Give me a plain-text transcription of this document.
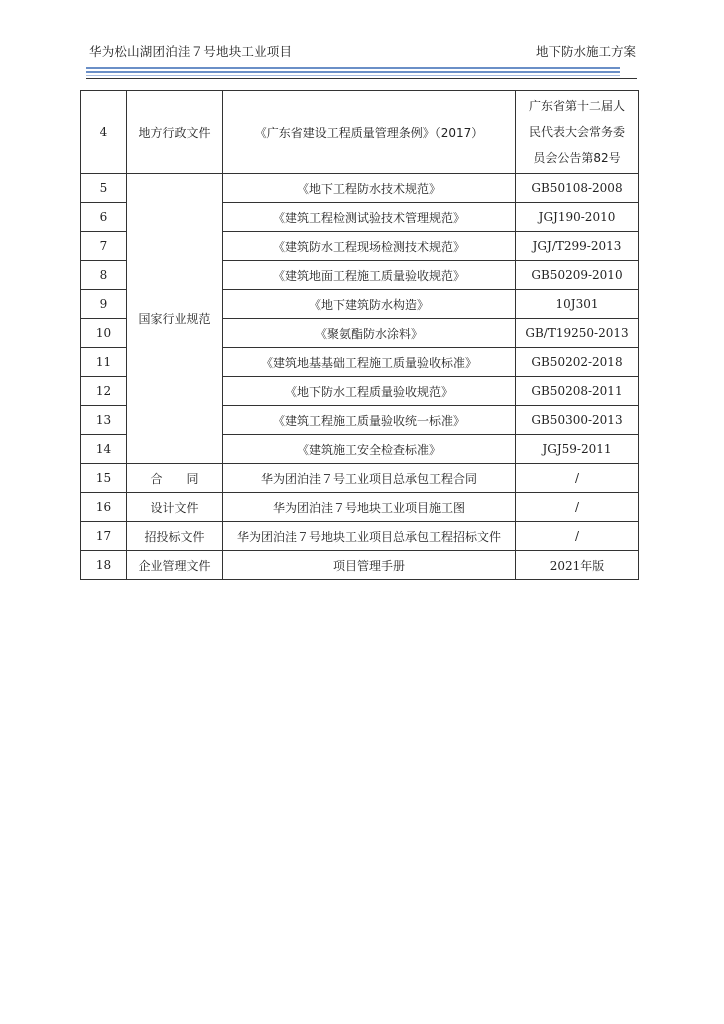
华为松山湖团泊洼７号地块工业项目	地下防水施工方案
4	地方行政文件	《广东省建设工程质量管理条例》（2017）	广东省第十二届人
民代表大会常务委
员会公告第82号

5	国家行业规范	《地下工程防水技术规范》	GB50108-2008
6		《建筑工程检测试验技术管理规范》	JGJ190-2010
7		《建筑防水工程现场检测技术规范》	JGJ/T299-2013
8		《建筑地面工程施工质量验收规范》	GB50209-2010
9		《地下建筑防水构造》	10J301
10		《聚氨酯防水涂料》	GB/T19250-2013
11		《建筑地基基础工程施工质量验收标准》	GB50202-2018
12		《地下防水工程质量验收规范》	GB50208-2011
13		《建筑工程施工质量验收统一标准》	GB50300-2013
14		《建筑施工安全检查标准》	JGJ59-2011
15	合　　同	华为团泊洼７号工业项目总承包工程合同	/
16	设计文件	华为团泊洼７号地块工业项目施工图	/
17	招投标文件	华为团泊洼７号地块工业项目总承包工程招标文件	/
18	企业管理文件	项目管理手册	2021年版
